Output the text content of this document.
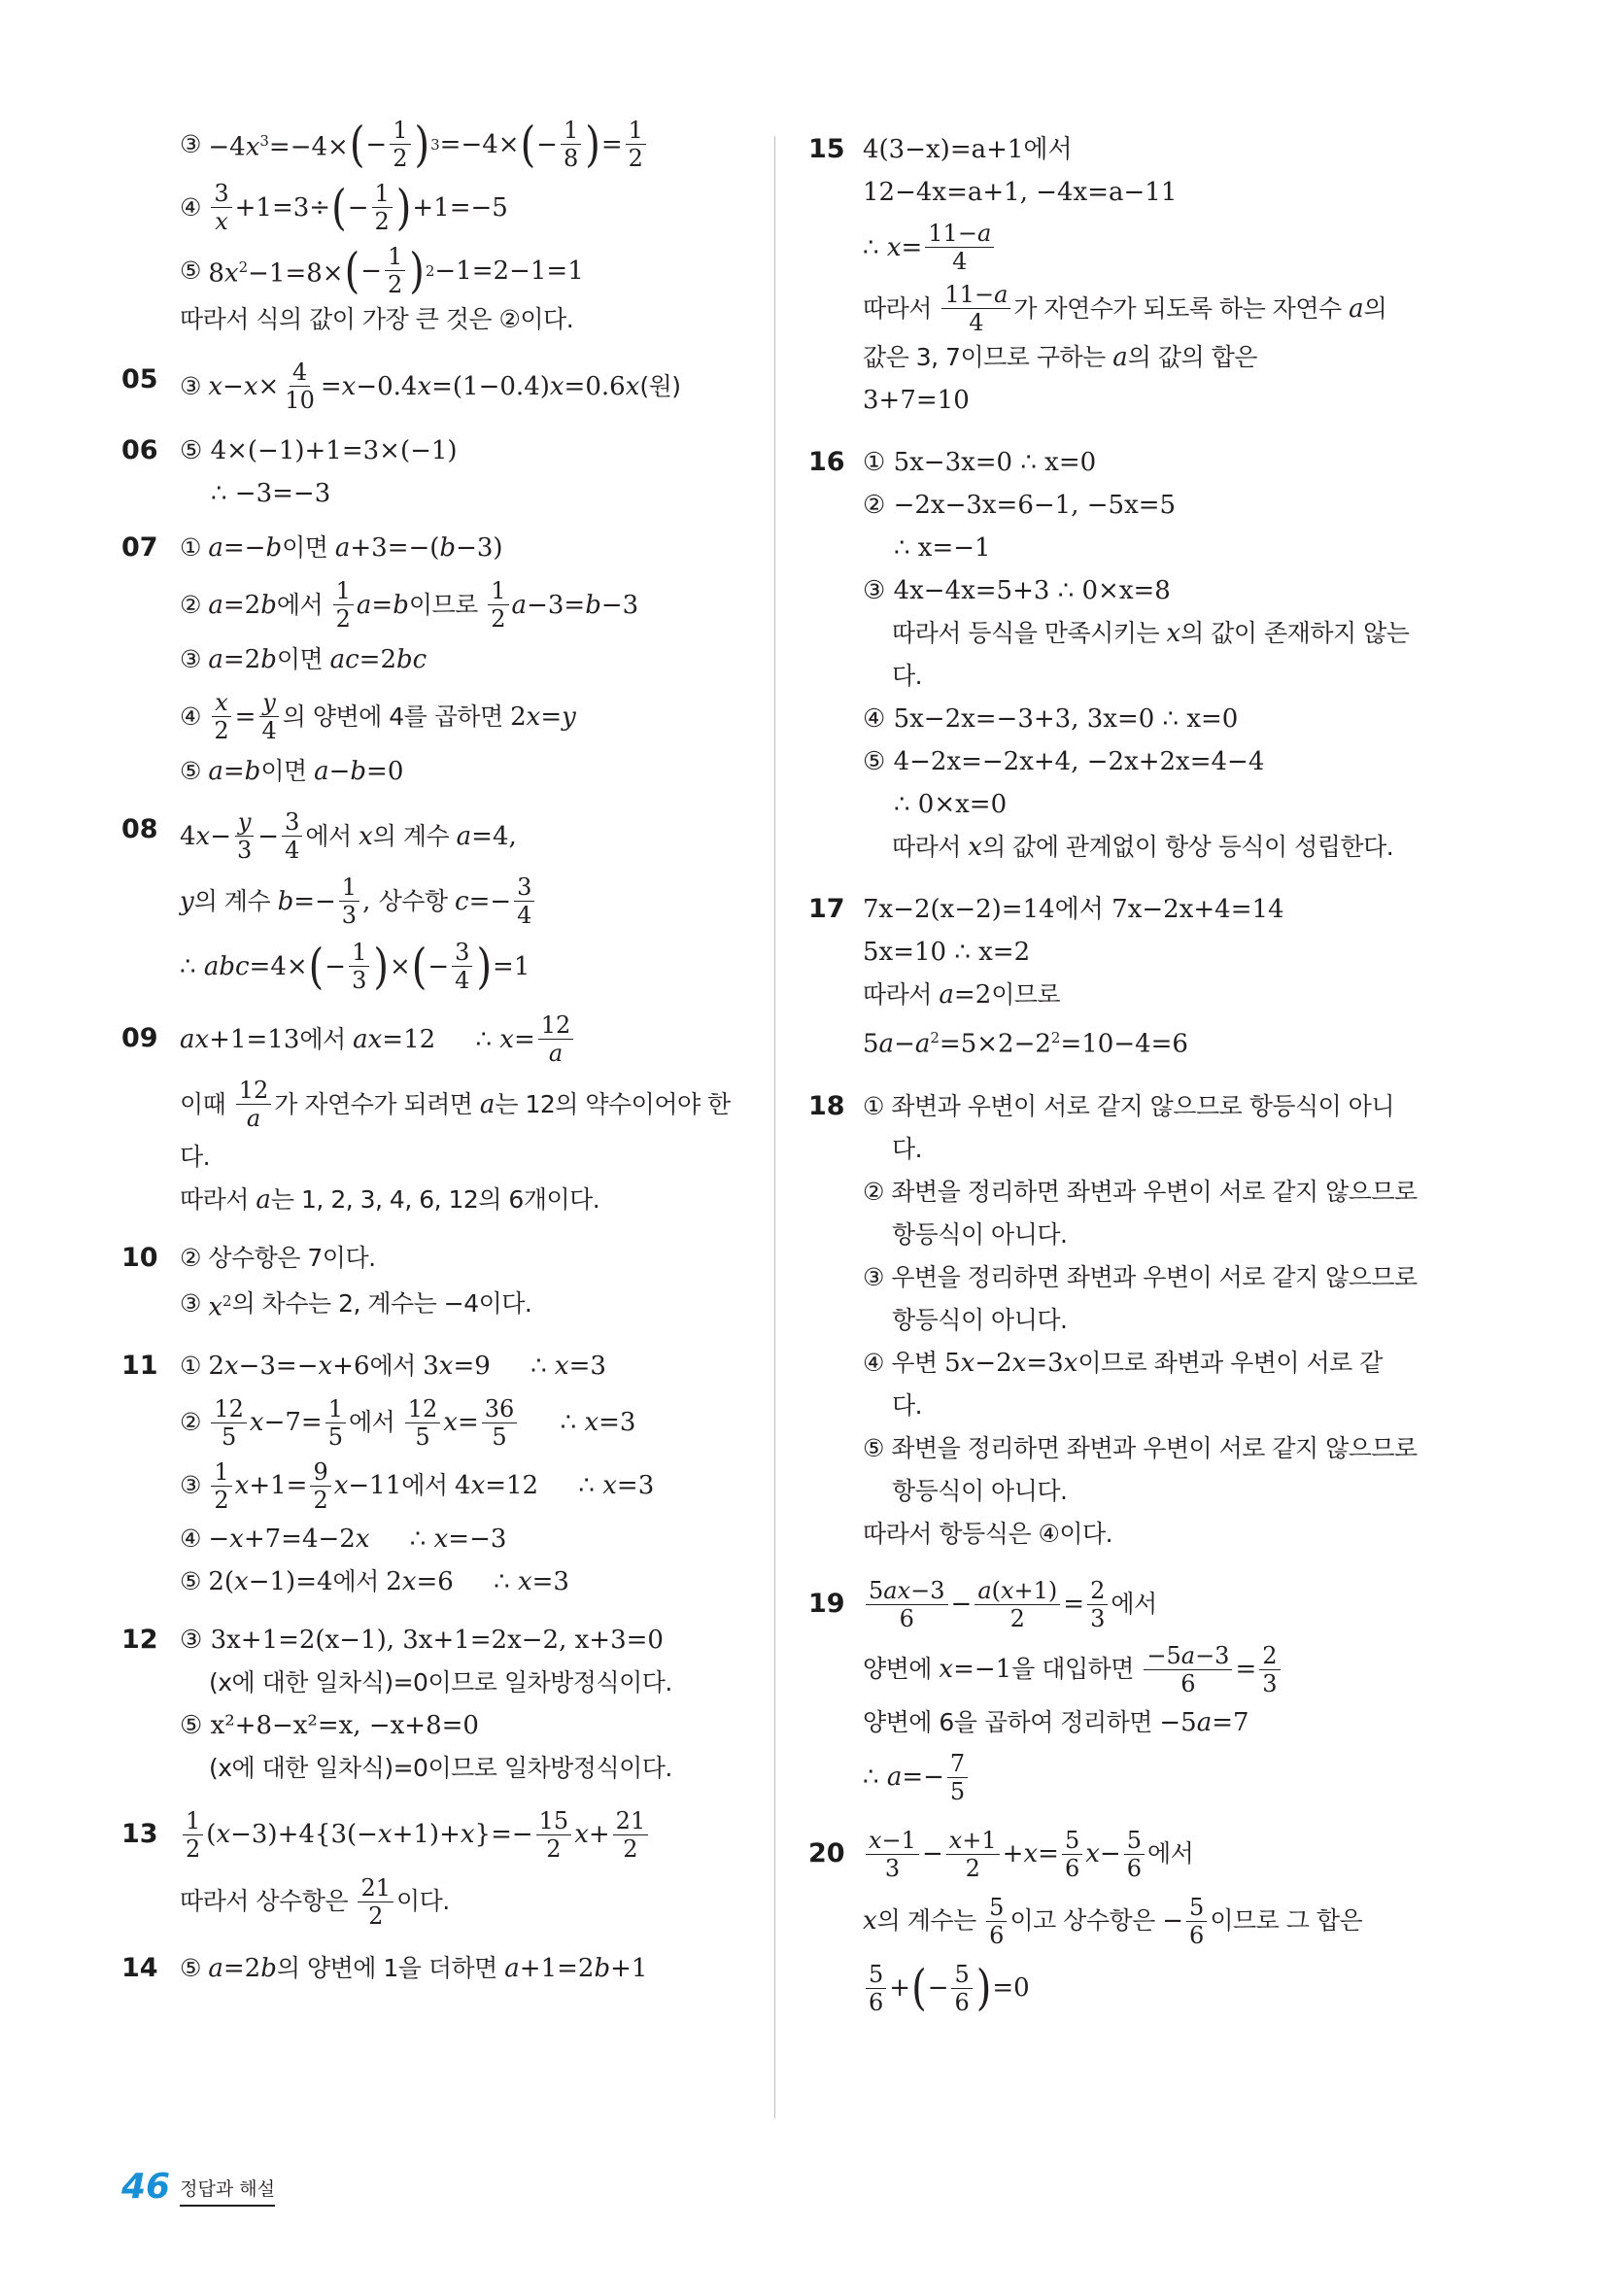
③ $-4x^3=-4\times$ ( − $\frac{1}{2}$ ) 3 =−4× ( − $\frac{1}{8}$ ) = $\frac{1}{2}$
④ $\frac{3}{x} +1=3\div$ ( − $\frac{1}{2}$ ) +1=−5
⑤ $8x^2-1=8\times$ ( − $\frac{1}{2}$ ) 2 −1=2−1=1
따라서 식의 값이 가장 큰 것은 ②이다.
05 ③ $x-x\times \frac{4}{10} =x-0.4x=(1-0.4)x=0.6x$ (원)
06 ⑤ 4×(−1)+1=3×(−1)
∴ −3=−3
07 ① a=−b 이면 a+3=−(b−3)
② a=2b 에서 $\frac{1}{2} a=b$ 이므로 $\frac{1}{2} a-3=b-3$
③ a=2b 이면 ac=2bc
④ $\frac{x}{2} = \frac{y}{4}$ 의 양변에 4를 곱하면 2x=y
⑤ a=b 이면 a−b=0
08 $4x- \frac{y}{3} - \frac{3}{4}$ 에서 x 의 계수 a=4,
y 의 계수 $b=- \frac{1}{3}$ , 상수항 $c=- \frac{3}{4}$
∴ abc=4× ( − $\frac{1}{3}$ ) × ( − $\frac{3}{4}$ ) =1
09 ax+1=13 에서 ax=12     ∴ $x= \frac{12}{a}$
이때 $\frac{12}{a}$ 가 자연수가 되려면 a 는 12의 약수이어야 한
다.
따라서 a 는 1, 2, 3, 4, 6, 12의 6개이다.
10 ② 상수항은 7이다.
③ $x^2$ 의 차수는 2, 계수는 −4이다.
11 ① 2x−3=−x+6 에서 3x=9     ∴ x=3
② $\frac{12}{5} x-7= \frac{1}{5}$ 에서 $\frac{12}{5} x= \frac{36}{5}$ ∴ x=3
③ $\frac{1}{2} x+1= \frac{9}{2} x-11$ 에서 4x=12     ∴ x=3
④ −x+7=4−2x     ∴ x=−3
⑤ 2(x−1)=4 에서 2x=6     ∴ x=3
12 ③ 3x+1=2(x−1), 3x+1=2x−2, x+3=0
(x에 대한 일차식)=0이므로 일차방정식이다.
⑤ x²+8−x²=x, −x+8=0
(x에 대한 일차식)=0이므로 일차방정식이다.
$13 \frac{1}{2} (x-3)+4\{3(-x+1)+x\}=- \frac{15}{2} x+ \frac{21}{2}$
따라서 상수항은 $\frac{21}{2}$ 이다.
14 ⑤ a=2b 의 양변에 1을 더하면 a+1=2b+1
15 4(3−x)=a+1에서
12−4x=a+1, −4x=a−11
∴ $x= \frac{11-a}{4}$
따라서 $\frac{11-a}{4}$ 가 자연수가 되도록 하는 자연수 a 의
값은 3, 7이므로 구하는 a 의 값의 합은
3+7=10
16 ① 5x−3x=0 ∴ x=0
② −2x−3x=6−1, −5x=5
∴ x=−1
③ 4x−4x=5+3 ∴ 0×x=8
따라서 등식을 만족시키는 x 의 값이 존재하지 않는
다.
④ 5x−2x=−3+3, 3x=0 ∴ x=0
⑤ 4−2x=−2x+4, −2x+2x=4−4
∴ 0×x=0
따라서 x 의 값에 관계없이 항상 등식이 성립한다.
17 7x−2(x−2)=14에서 7x−2x+4=14
5x=10 ∴ x=2
따라서 a=2 이므로
$5a-a^2=5\times 2-2^2=10-4=6$
18 ① 좌변과 우변이 서로 같지 않으므로 항등식이 아니
다.
② 좌변을 정리하면 좌변과 우변이 서로 같지 않으므로
항등식이 아니다.
③ 우변을 정리하면 좌변과 우변이 서로 같지 않으므로
항등식이 아니다.
④ 우변 5x−2x=3x 이므로 좌변과 우변이 서로 같
다.
⑤ 좌변을 정리하면 좌변과 우변이 서로 같지 않으므로
항등식이 아니다.
따라서 항등식은 ④이다.
$19 \frac{5ax-3}{6} - \frac{a(x+1)}{2} = \frac{2}{3}$ 에서
양변에 x=−1 을 대입하면 $\frac{-5a-3}{6} = \frac{2}{3}$
양변에 6을 곱하여 정리하면 −5a=7
∴ $a=- \frac{7}{5}$
$20 \frac{x-1}{3} - \frac{x+1}{2} +x= \frac{5}{6} x- \frac{5}{6}$ 에서
x 의 계수는 $\frac{5}{6}$ 이고 상수항은 − $\frac{5}{6}$ 이므로 그 합은
$\frac{5}{6}$ + ( − $\frac{5}{6}$ ) =0
46 정답과 해설
